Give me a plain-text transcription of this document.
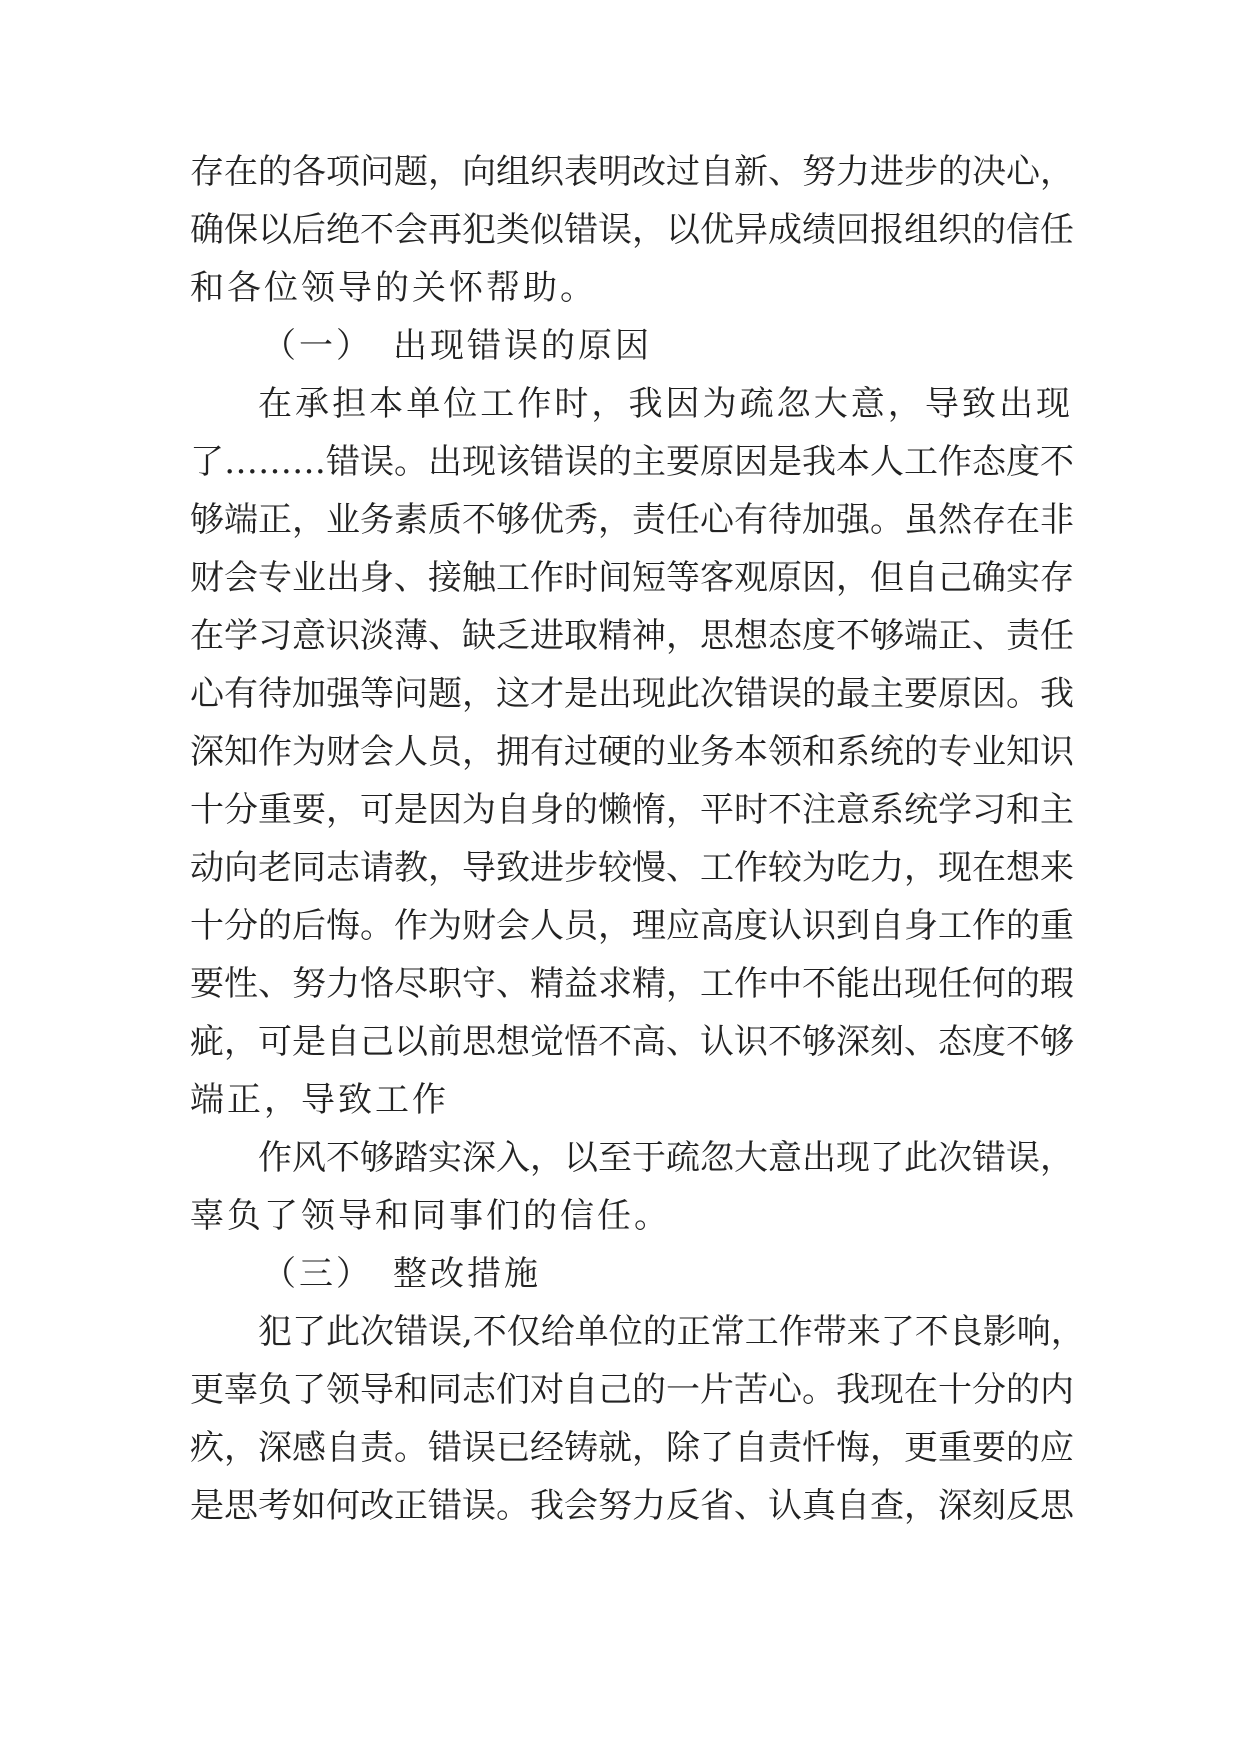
存在的各项问题，向组织表明改过自新、努力进步的决心，
确保以后绝不会再犯类似错误，以优异成绩回报组织的信任
和各位领导的关怀帮助。
（一）　出现错误的原因
在承担本单位工作时，我因为疏忽大意，导致出现
了………错误。出现该错误的主要原因是我本人工作态度不
够端正，业务素质不够优秀，责任心有待加强。虽然存在非
财会专业出身、接触工作时间短等客观原因，但自己确实存
在学习意识淡薄、缺乏进取精神，思想态度不够端正、责任
心有待加强等问题，这才是出现此次错误的最主要原因。我
深知作为财会人员，拥有过硬的业务本领和系统的专业知识
十分重要，可是因为自身的懒惰，平时不注意系统学习和主
动向老同志请教，导致进步较慢、工作较为吃力，现在想来
十分的后悔。作为财会人员，理应高度认识到自身工作的重
要性、努力恪尽职守、精益求精，工作中不能出现任何的瑕
疵，可是自己以前思想觉悟不高、认识不够深刻、态度不够
端正，导致工作
作风不够踏实深入，以至于疏忽大意出现了此次错误，
辜负了领导和同事们的信任。
（三）　整改措施
犯了此次错误,不仅给单位的正常工作带来了不良影响，
更辜负了领导和同志们对自己的一片苦心。我现在十分的内
疚，深感自责。错误已经铸就，除了自责忏悔，更重要的应
是思考如何改正错误。我会努力反省、认真自查，深刻反思
